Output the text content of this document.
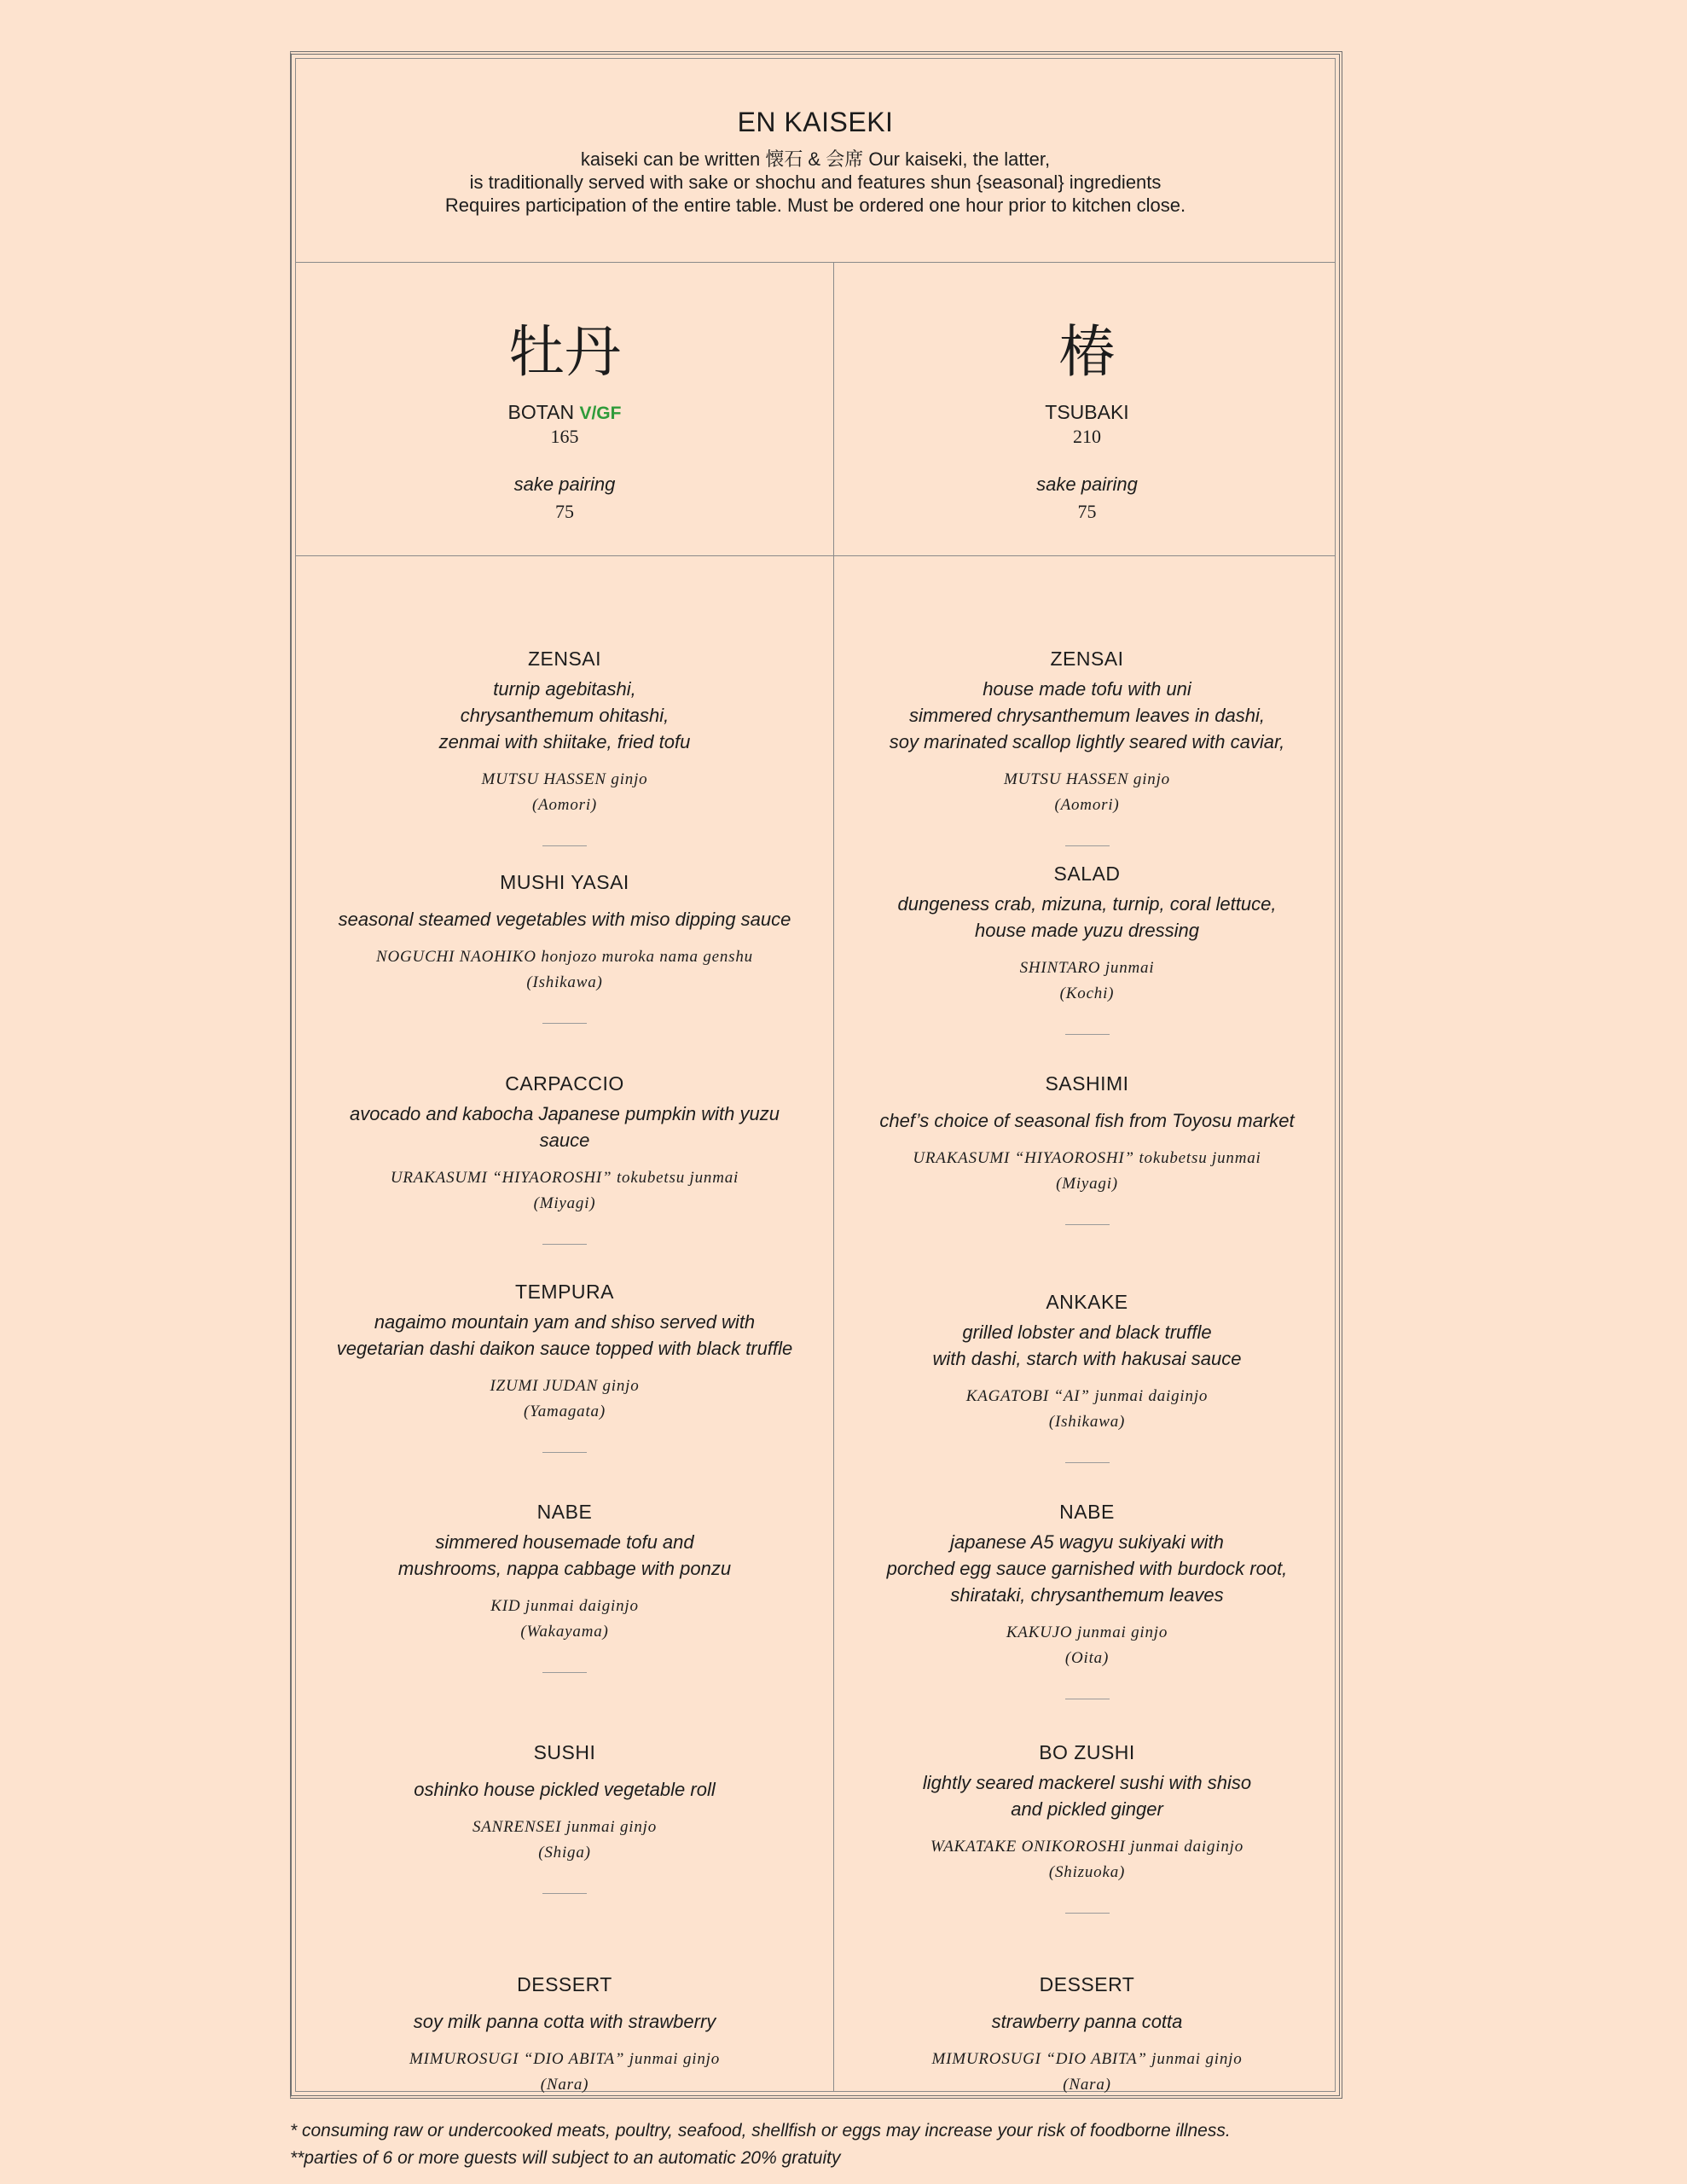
EN KAISEKI
kaiseki can be written 懐石 & 会席 Our kaiseki, the latter,
is traditionally served with sake or shochu and features shun {seasonal} ingredients
Requires participation of the entire table. Must be ordered one hour prior to kitchen close.
牡丹
BOTAN V/GF
165
sake pairing
75
椿
TSUBAKI
210
sake pairing
75
ZENSAI
turnip agebitashi,
chrysanthemum ohitashi,
zenmai with shiitake, fried tofu
MUTSU HASSEN ginjo
(Aomori)
MUSHI YASAI
seasonal steamed vegetables with miso dipping sauce
NOGUCHI NAOHIKO honjozo muroka nama genshu
(Ishikawa)
CARPACCIO
avocado and kabocha Japanese pumpkin with yuzu
sauce
URAKASUMI “HIYAOROSHI” tokubetsu junmai
(Miyagi)
TEMPURA
nagaimo mountain yam and shiso served with
vegetarian dashi daikon sauce topped with black truffle
IZUMI JUDAN ginjo
(Yamagata)
NABE
simmered housemade tofu and
mushrooms, nappa cabbage with ponzu
KID junmai daiginjo
(Wakayama)
SUSHI
oshinko house pickled vegetable roll
SANRENSEI junmai ginjo
(Shiga)
DESSERT
soy milk panna cotta with strawberry
MIMUROSUGI “DIO ABITA” junmai ginjo
(Nara)
ZENSAI
house made tofu with uni
simmered chrysanthemum leaves in dashi,
soy marinated scallop lightly seared with caviar,
MUTSU HASSEN ginjo
(Aomori)
SALAD
dungeness crab, mizuna, turnip, coral lettuce,
house made yuzu dressing
SHINTARO junmai
(Kochi)
SASHIMI
chef’s choice of seasonal fish from Toyosu market
URAKASUMI “HIYAOROSHI” tokubetsu junmai
(Miyagi)
ANKAKE
grilled lobster and black truffle
with dashi, starch with hakusai sauce
KAGATOBI “AI” junmai daiginjo
(Ishikawa)
NABE
japanese A5 wagyu sukiyaki with
porched egg sauce garnished with burdock root,
shirataki, chrysanthemum leaves
KAKUJO junmai ginjo
(Oita)
BO ZUSHI
lightly seared mackerel sushi with shiso
and pickled ginger
WAKATAKE ONIKOROSHI junmai daiginjo
(Shizuoka)
DESSERT
strawberry panna cotta
MIMUROSUGI “DIO ABITA” junmai ginjo
(Nara)
* consuming raw or undercooked meats, poultry, seafood, shellfish or eggs may increase your risk of foodborne illness.
**parties of 6 or more guests will subject to an automatic 20% gratuity
